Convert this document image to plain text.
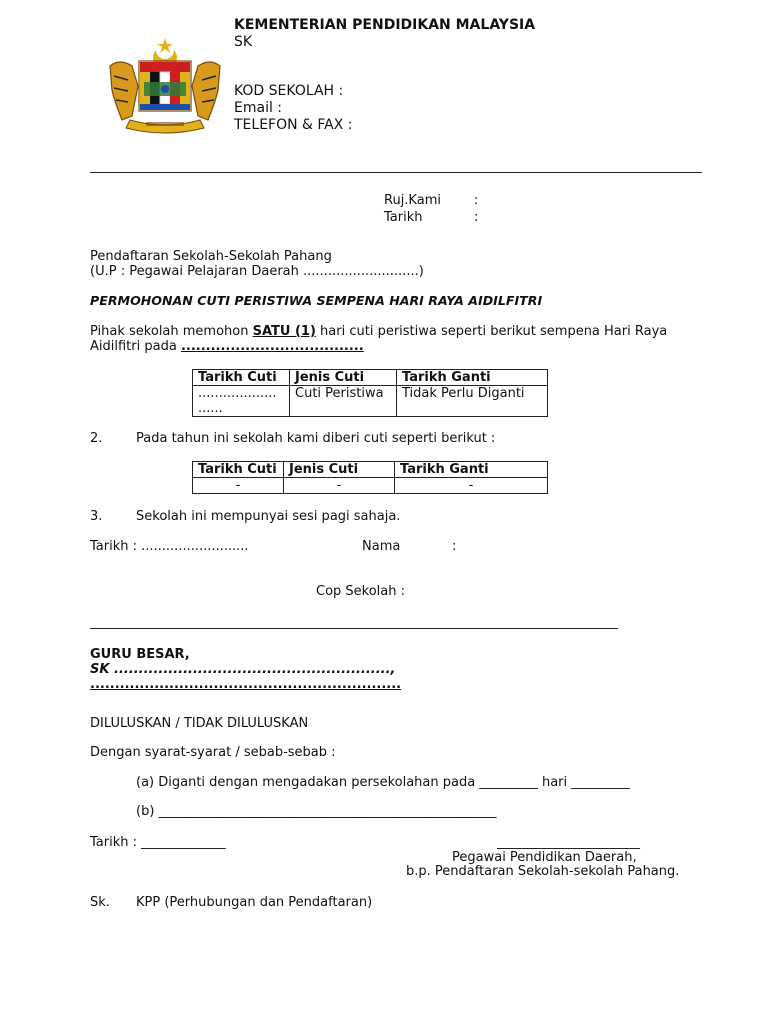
KEMENTERIAN PENDIDIKAN MALAYSIA
SK
KOD SEKOLAH :
Email :
TELEFON & FAX :
Ruj.Kami	:
Tarikh	:
Pendaftaran Sekolah-Sekolah Pahang
(U.P : Pegawai Pelajaran Daerah ............................)
PERMOHONAN CUTI PERISTIWA SEMPENA HARI RAYA AIDILFITRI
Pihak sekolah memohon SATU (1) hari cuti peristiwa seperti berikut sempena Hari Raya
Aidilfitri pada .....................................
Tarikh Cuti	Jenis Cuti	Tarikh Ganti

...................
......	Cuti Peristiwa	Tidak Perlu Diganti
2.	Pada tahun ini sekolah kami diberi cuti seperti berikut :
Tarikh Cuti	Jenis Cuti	Tarikh Ganti
-	-	-
3.	Sekolah ini mempunyai sesi pagi sahaja.
Tarikh : ..........................	Nama	:
Cop Sekolah :
GURU BESAR,
SK ........................................................,
...............................................................
DILULUSKAN / TIDAK DILULUSKAN
Dengan syarat-syarat / sebab-sebab :
(a) Diganti dengan mengadakan persekolahan pada _________ hari _________
(b) ____________________________________________________
Tarikh : _____________	______________________
Pegawai Pendidikan Daerah,
b.p. Pendaftaran Sekolah-sekolah Pahang.
Sk. KPP (Perhubungan dan Pendaftaran)
